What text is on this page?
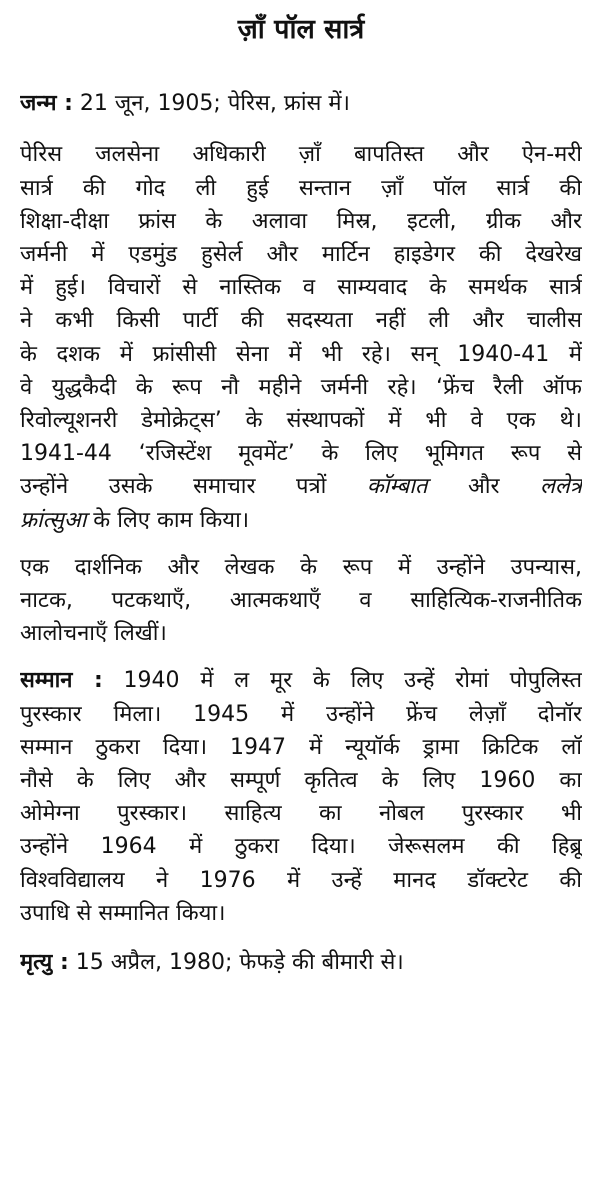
ज़ाँ पॉल सार्त्र
जन्म : 21 जून, 1905; पेरिस, फ्रांस में।
पेरिस जलसेना अधिकारी ज़ाँ बापतिस्त और ऐन-मरी
सार्त्र की गोद ली हुई सन्तान ज़ाँ पॉल सार्त्र की
शिक्षा-दीक्षा फ्रांस के अलावा मिस्र, इटली, ग्रीक और
जर्मनी में एडमुंड हुसेर्ल और मार्टिन हाइडेगर की देखरेख
में हुई। विचारों से नास्तिक व साम्यवाद के समर्थक सार्त्र
ने कभी किसी पार्टी की सदस्यता नहीं ली और चालीस
के दशक में फ्रांसीसी सेना में भी रहे। सन् 1940-41 में
वे युद्धकैदी के रूप नौ महीने जर्मनी रहे। ‘फ्रेंच रैली ऑफ
रिवोल्यूशनरी डेमोक्रेट्स’ के संस्थापकों में भी वे एक थे।
1941-44 ‘रजिस्टेंश मूवमेंट’ के लिए भूमिगत रूप से
उन्होंने उसके समाचार पत्रों कॉम्बात और ललेत्र
फ्रांत्सुआ के लिए काम किया।
एक दार्शनिक और लेखक के रूप में उन्होंने उपन्यास,
नाटक, पटकथाएँ, आत्मकथाएँ व साहित्यिक-राजनीतिक
आलोचनाएँ लिखीं।
सम्मान : 1940 में ल मूर के लिए उन्हें रोमां पोपुलिस्त
पुरस्कार मिला। 1945 में उन्होंने फ्रेंच लेज़ाँ दोनॉर
सम्मान ठुकरा दिया। 1947 में न्यूयॉर्क ड्रामा क्रिटिक लॉ
नौसे के लिए और सम्पूर्ण कृतित्व के लिए 1960 का
ओमेग्ना पुरस्कार। साहित्य का नोबल पुरस्कार भी
उन्होंने 1964 में ठुकरा दिया। जेरूसलम की हिब्रू
विश्वविद्यालय ने 1976 में उन्हें मानद डॉक्टरेट की
उपाधि से सम्मानित किया।
मृत्यु : 15 अप्रैल, 1980; फेफड़े की बीमारी से।
